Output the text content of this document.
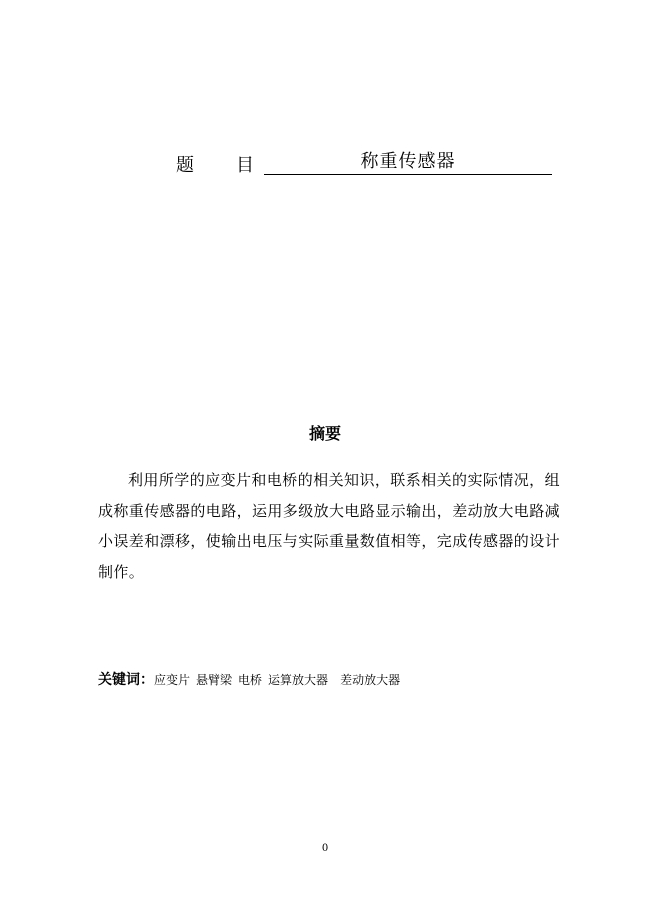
题目	称重传感器
摘要
利用所学的应变片和电桥的相关知识，联系相关的实际情况，组成称重传感器的电路，运用多级放大电路显示输出，差动放大电路减小误差和漂移，使输出电压与实际重量数值相等，完成传感器的设计制作。
关键词：应变片 悬臂梁 电桥 运算放大器 差动放大器
0
